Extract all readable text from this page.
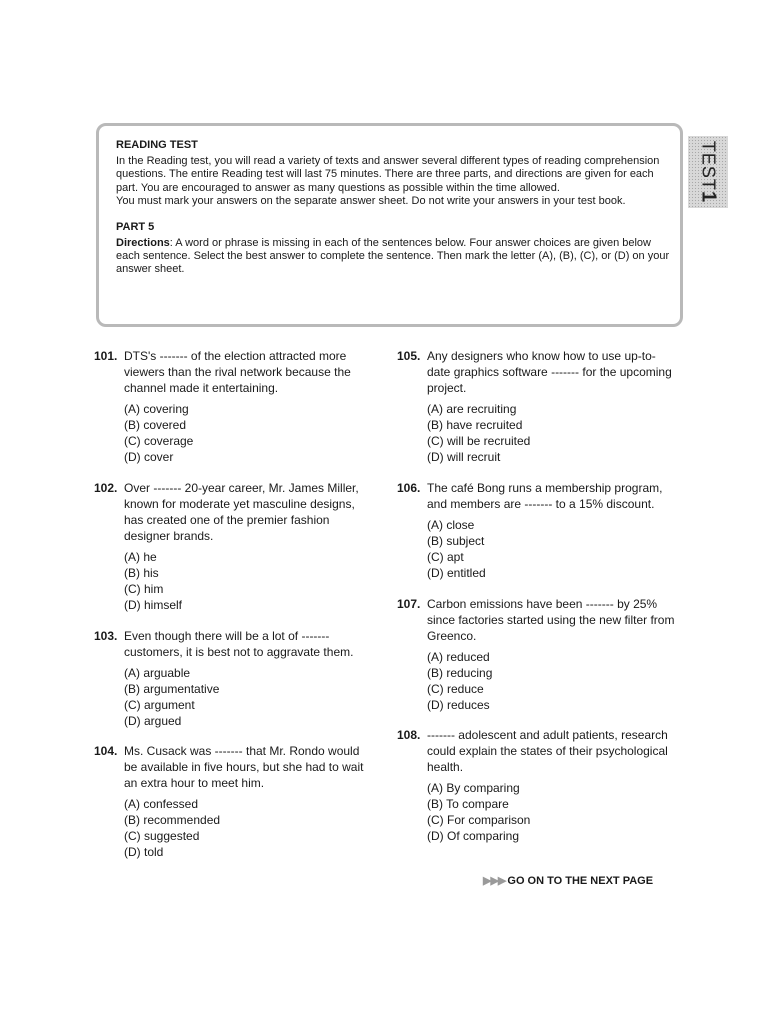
READING TEST

In the Reading test, you will read a variety of texts and answer several different types of reading comprehension questions. The entire Reading test will last 75 minutes. There are three parts, and directions are given for each part. You are encouraged to answer as many questions as possible within the time allowed.

You must mark your answers on the separate answer sheet. Do not write your answers in your test book.

PART 5

Directions: A word or phrase is missing in each of the sentences below. Four answer choices are given below each sentence. Select the best answer to complete the sentence. Then mark the letter (A), (B), (C), or (D) on your answer sheet.

TEST1
101. DTS's ------- of the election attracted more viewers than the rival network because the channel made it entertaining.
(A) covering
(B) covered
(C) coverage
(D) cover
102. Over ------- 20-year career, Mr. James Miller, known for moderate yet masculine designs, has created one of the premier fashion designer brands.
(A) he
(B) his
(C) him
(D) himself
103. Even though there will be a lot of ------- customers, it is best not to aggravate them.
(A) arguable
(B) argumentative
(C) argument
(D) argued
104. Ms. Cusack was ------- that Mr. Rondo would be available in five hours, but she had to wait an extra hour to meet him.
(A) confessed
(B) recommended
(C) suggested
(D) told
105. Any designers who know how to use up-to-date graphics software ------- for the upcoming project.
(A) are recruiting
(B) have recruited
(C) will be recruited
(D) will recruit
106. The café Bong runs a membership program, and members are ------- to a 15% discount.
(A) close
(B) subject
(C) apt
(D) entitled
107. Carbon emissions have been ------- by 25% since factories started using the new filter from Greenco.
(A) reduced
(B) reducing
(C) reduce
(D) reduces
108. ------- adolescent and adult patients, research could explain the states of their psychological health.
(A) By comparing
(B) To compare
(C) For comparison
(D) Of comparing
▶▶▶ GO ON TO THE NEXT PAGE
